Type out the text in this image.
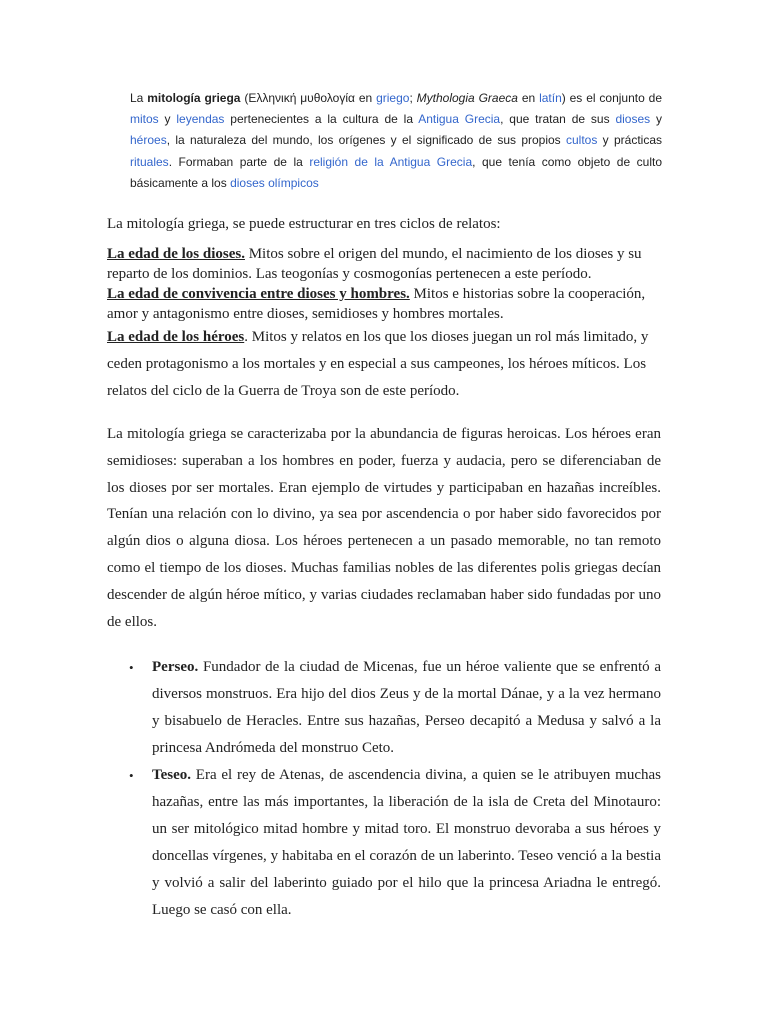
La mitología griega (Ελληνική μυθολογία en griego; Mythologia Graeca en latín) es el conjunto de mitos y leyendas pertenecientes a la cultura de la Antigua Grecia, que tratan de sus dioses y héroes, la naturaleza del mundo, los orígenes y el significado de sus propios cultos y prácticas rituales. Formaban parte de la religión de la Antigua Grecia, que tenía como objeto de culto básicamente a los dioses olímpicos

La mitología griega, se puede estructurar en tres ciclos de relatos:

La edad de los dioses. Mitos sobre el origen del mundo, el nacimiento de los dioses y su reparto de los dominios. Las teogonías y cosmogonías pertenecen a este período.

La edad de convivencia entre dioses y hombres. Mitos e historias sobre la cooperación, amor y antagonismo entre dioses, semidioses y hombres mortales.

La edad de los héroes. Mitos y relatos en los que los dioses juegan un rol más limitado, y ceden protagonismo a los mortales y en especial a sus campeones, los héroes míticos. Los relatos del ciclo de la Guerra de Troya son de este período.

La mitología griega se caracterizaba por la abundancia de figuras heroicas. Los héroes eran semidioses: superaban a los hombres en poder, fuerza y audacia, pero se diferenciaban de los dioses por ser mortales. Eran ejemplo de virtudes y participaban en hazañas increíbles. Tenían una relación con lo divino, ya sea por ascendencia o por haber sido favorecidos por algún dios o alguna diosa. Los héroes pertenecen a un pasado memorable, no tan remoto como el tiempo de los dioses. Muchas familias nobles de las diferentes polis griegas decían descender de algún héroe mítico, y varias ciudades reclamaban haber sido fundadas por uno de ellos.

• Perseo. Fundador de la ciudad de Micenas, fue un héroe valiente que se enfrentó a diversos monstruos. Era hijo del dios Zeus y de la mortal Dánae, y a la vez hermano y bisabuelo de Heracles. Entre sus hazañas, Perseo decapitó a Medusa y salvó a la princesa Andrómeda del monstruo Ceto.
• Teseo. Era el rey de Atenas, de ascendencia divina, a quien se le atribuyen muchas hazañas, entre las más importantes, la liberación de la isla de Creta del Minotauro: un ser mitológico mitad hombre y mitad toro. El monstruo devoraba a sus héroes y doncellas vírgenes, y habitaba en el corazón de un laberinto. Teseo venció a la bestia y volvió a salir del laberinto guiado por el hilo que la princesa Ariadna le entregó. Luego se casó con ella.
